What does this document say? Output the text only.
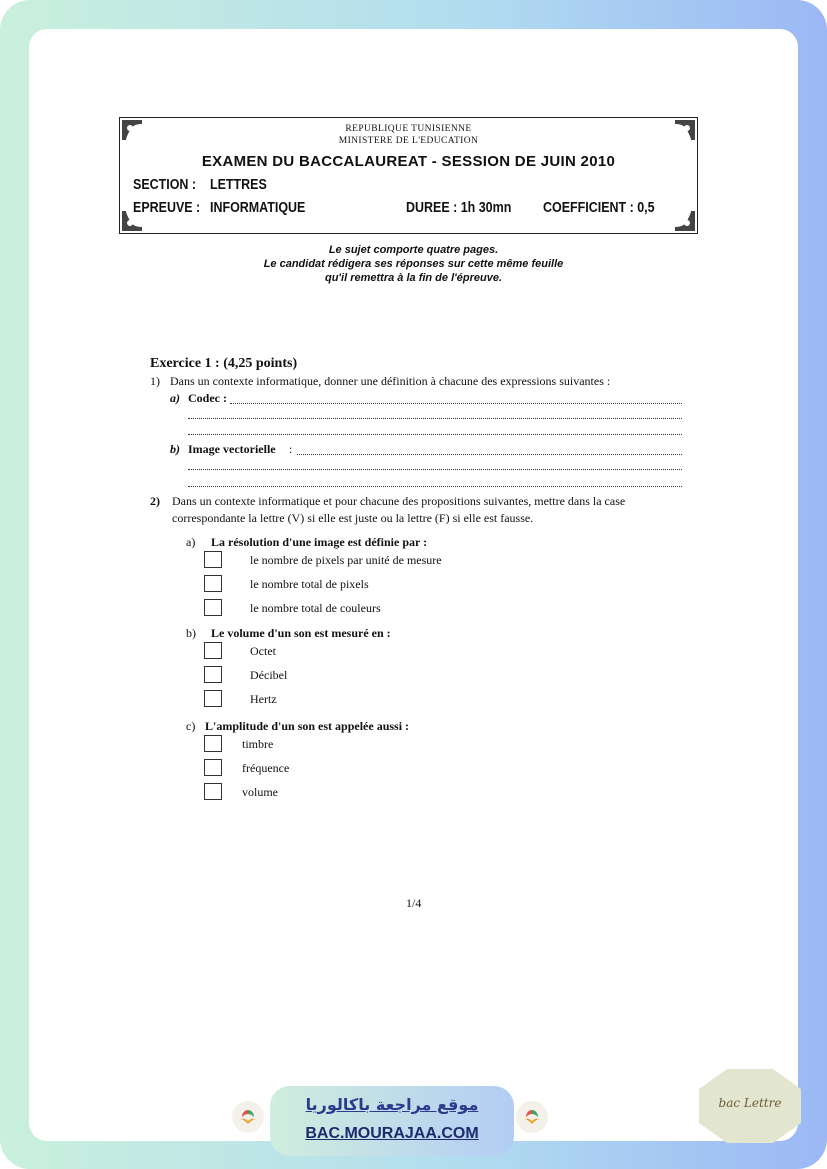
REPUBLIQUE TUNISIENNE
MINISTERE DE L'EDUCATION
EXAMEN DU BACCALAUREAT - SESSION DE JUIN 2010
SECTION : LETTRES
EPREUVE : INFORMATIQUE	DUREE : 1h 30mn COEFFICIENT : 0,5
Le sujet comporte quatre pages.
Le candidat rédigera ses réponses sur cette même feuille
qu'il remettra à la fin de l'épreuve.
Exercice 1 : (4,25 points)
1) Dans un contexte informatique, donner une définition à chacune des expressions suivantes :
a) Codec :
b) Image vectorielle :
2) Dans un contexte informatique et pour chacune des propositions suivantes, mettre dans la case
correspondante la lettre (V) si elle est juste ou la lettre (F) si elle est fausse.
a) La résolution d'une image est définie par :
le nombre de pixels par unité de mesure
le nombre total de pixels
le nombre total de couleurs
b) Le volume d'un son est mesuré en :
Octet
Décibel
Hertz
c) L'amplitude d'un son est appelée aussi :
timbre
fréquence
volume
1/4
موقع مراجعة باكالوريا
BAC.MOURAJAA.COM
bac Lettre
